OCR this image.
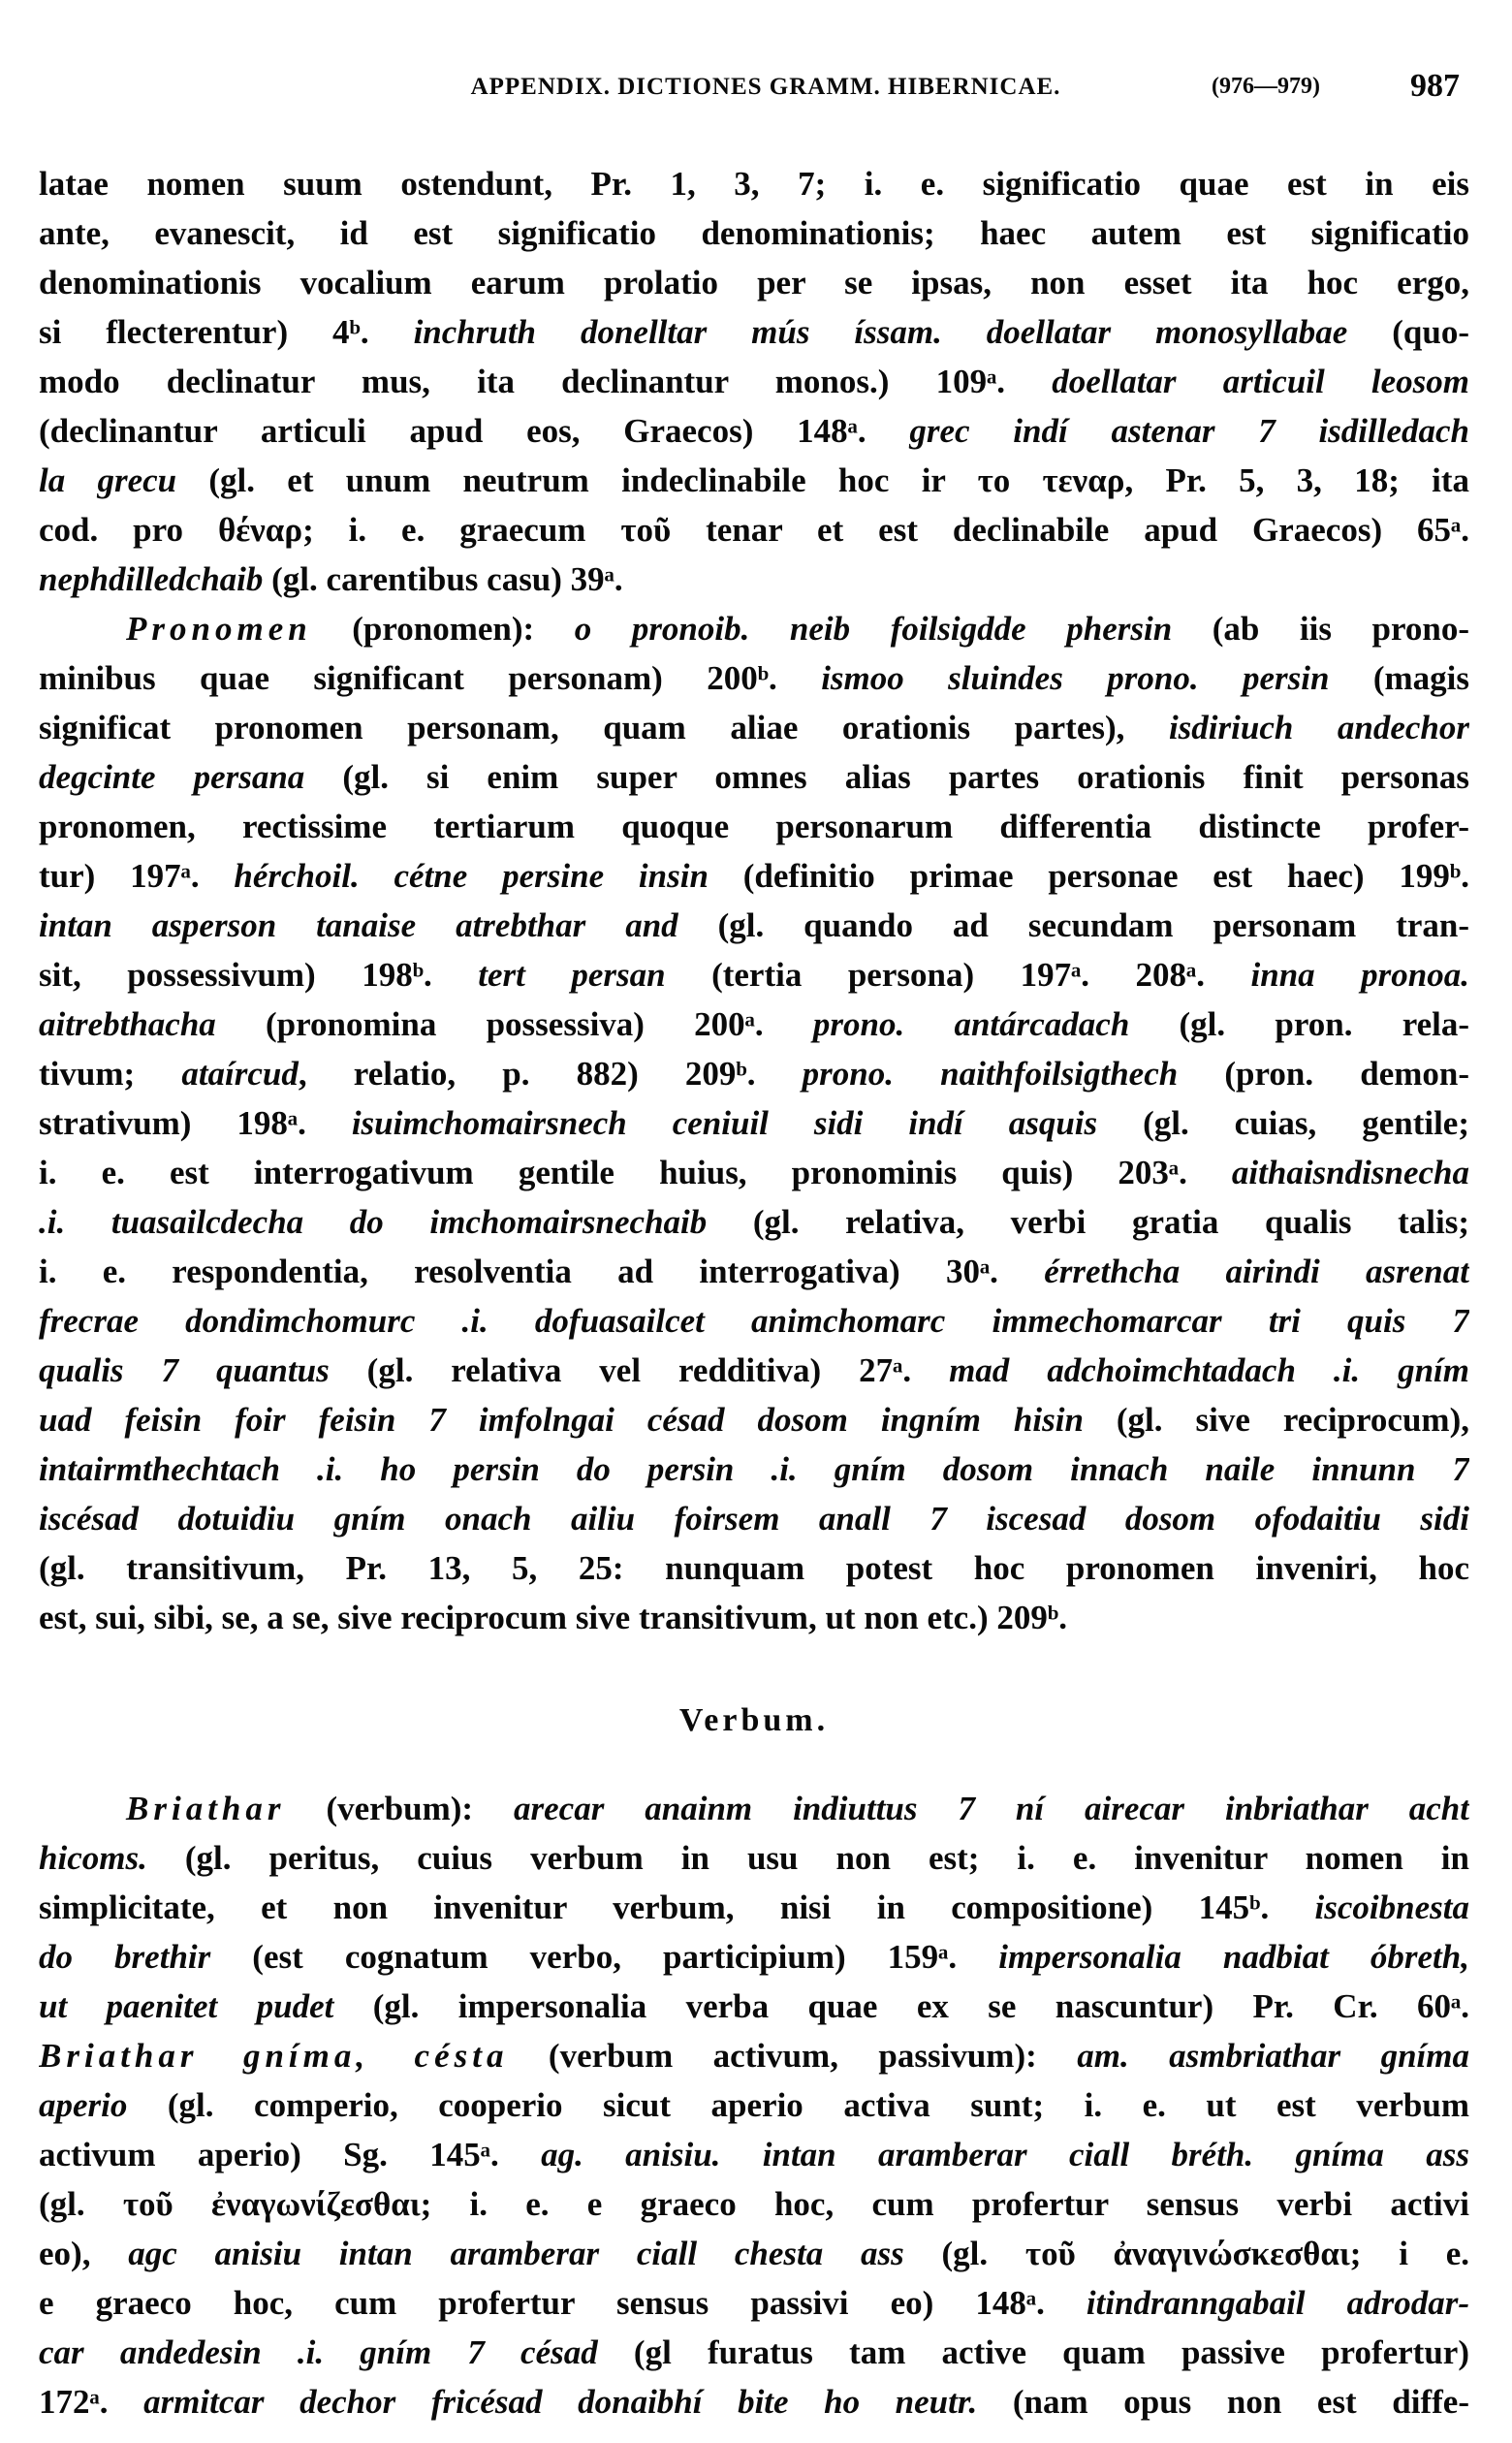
APPENDIX. DICTIONES GRAMM. HIBERNICAE.	(976—979)	987
latae nomen suum ostendunt, Pr. 1, 3, 7; i. e. significatio quae est in eis
ante, evanescit, id est significatio denominationis; haec autem est significatio
denominationis vocalium earum prolatio per se ipsas, non esset ita hoc ergo,
si flecterentur) 4ᵇ. inchruth donelltar mús íssam. doellatar monosyllabae (quo-
modo declinatur mus, ita declinantur monos.) 109ᵃ. doellatar articuil leosom
(declinantur articuli apud eos, Graecos) 148ᵃ. grec indí astenar 7 isdilledach
la grecu (gl. et unum neutrum indeclinabile hoc ir το τεναρ, Pr. 5, 3, 18; ita
cod. pro θέναρ; i. e. graecum τοῦ tenar et est declinabile apud Graecos) 65ᵃ.
nephdilledchaib (gl. carentibus casu) 39ᵃ.
Pronomen (pronomen): o pronoib. neib foilsigdde phersin (ab iis prono-
minibus quae significant personam) 200ᵇ. ismoo sluindes prono. persin (magis
significat pronomen personam, quam aliae orationis partes), isdiriuch andechor
degcinte persana (gl. si enim super omnes alias partes orationis finit personas
pronomen, rectissime tertiarum quoque personarum differentia distincte profer-
tur) 197ᵃ. hérchoil. cétne persine insin (definitio primae personae est haec) 199ᵇ.
intan asperson tanaise atrebthar and (gl. quando ad secundam personam tran-
sit, possessivum) 198ᵇ. tert persan (tertia persona) 197ᵃ. 208ᵃ. inna pronoa.
aitrebthacha (pronomina possessiva) 200ᵃ. prono. antárcadach (gl. pron. rela-
tivum; ataírcud, relatio, p. 882) 209ᵇ. prono. naithfoilsigthech (pron. demon-
strativum) 198ᵃ. isuimchomairsnech ceniuil sidi indí asquis (gl. cuias, gentile;
i. e. est interrogativum gentile huius, pronominis quis) 203ᵃ. aithaisndisnecha
.i. tuasailcdecha do imchomairsnechaib (gl. relativa, verbi gratia qualis talis;
i. e. respondentia, resolventia ad interrogativa) 30ᵃ. érrethcha airindi asrenat
frecrae dondimchomurc .i. dofuasailcet animchomarc immechomarcar tri quis 7
qualis 7 quantus (gl. relativa vel redditiva) 27ᵃ. mad adchoimchtadach .i. gním
uad feisin foir feisin 7 imfolngai césad dosom ingním hisin (gl. sive reciprocum),
intairmthechtach .i. ho persin do persin .i. gním dosom innach naile innunn 7
iscésad dotuidiu gním onach ailiu foirsem anall 7 iscesad dosom ofodaitiu sidi
(gl. transitivum, Pr. 13, 5, 25: nunquam potest hoc pronomen inveniri, hoc
est, sui, sibi, se, a se, sive reciprocum sive transitivum, ut non etc.) 209ᵇ.
Verbum.
Briathar (verbum): arecar anainm indiuttus 7 ní airecar inbriathar acht
hicoms. (gl. peritus, cuius verbum in usu non est; i. e. invenitur nomen in
simplicitate, et non invenitur verbum, nisi in compositione) 145ᵇ. iscoibnesta
do brethir (est cognatum verbo, participium) 159ᵃ. impersonalia nadbiat óbreth,
ut paenitet pudet (gl. impersonalia verba quae ex se nascuntur) Pr. Cr. 60ᵃ.
Briathar gníma, césta (verbum activum, passivum): am. asmbriathar gníma
aperio (gl. comperio, cooperio sicut aperio activa sunt; i. e. ut est verbum
activum aperio) Sg. 145ᵃ. ag. anisiu. intan aramberar ciall bréth. gníma ass
(gl. τοῦ ἐναγωνίζεσθαι; i. e. e graeco hoc, cum profertur sensus verbi activi
eo), agc anisiu intan aramberar ciall chesta ass (gl. τοῦ ἀναγινώσκεσθαι; i e.
e graeco hoc, cum profertur sensus passivi eo) 148ᵃ. itindranngabail adrodar-
car andedesin .i. gním 7 césad (gl furatus tam active quam passive profertur)
172ᵃ. armitcar dechor fricésad donaibhí bite ho neutr. (nam opus non est diffe-
